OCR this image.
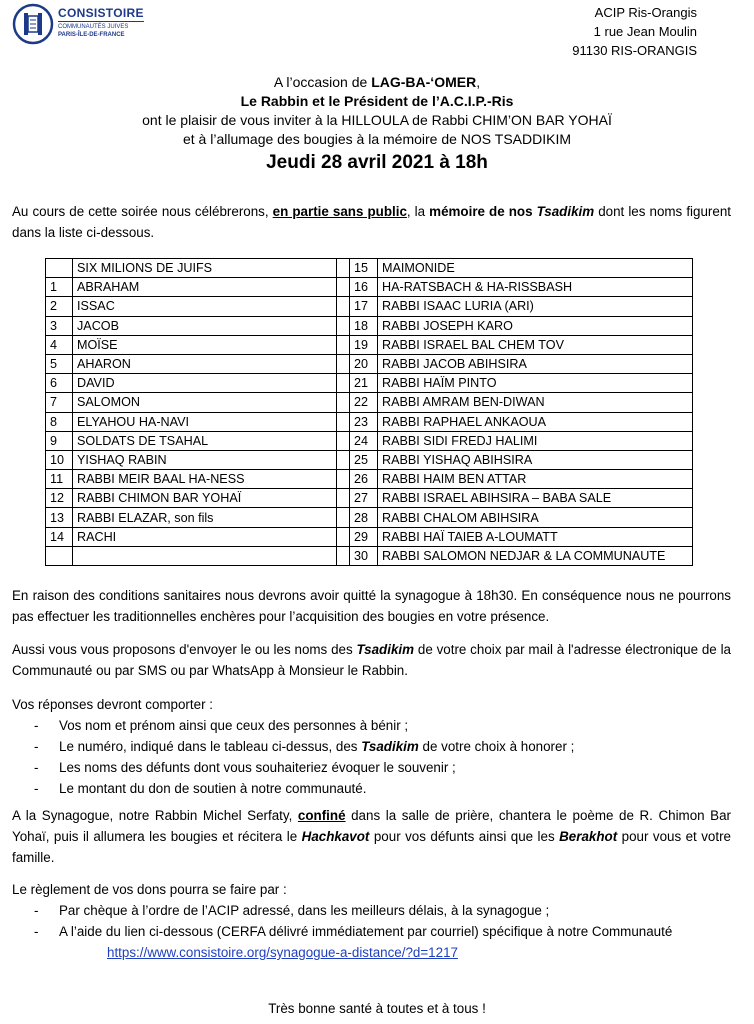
CONSISTOIRE
COMMUNAUTÉS JUIVES
PARIS-ÎLE-DE-FRANCE
ACIP Ris-Orangis
1 rue Jean Moulin
91130 RIS-ORANGIS
A l’occasion de LAG-BA-‘OMER,
Le Rabbin et le Président de l’A.C.I.P.-Ris
ont le plaisir de vous inviter à la HILLOULA de Rabbi CHIM’ON BAR YOHAÏ
et à l’allumage des bougies à la mémoire de NOS TSADDIKIM
Jeudi 28 avril 2021 à 18h

Au cours de cette soirée nous célébrerons, en partie sans public, la mémoire de nos Tsadikim dont les noms figurent dans la liste ci-dessous.

	SIX MILIONS DE JUIFS		15	MAIMONIDE
1	ABRAHAM		16	HA-RATSBACH & HA-RISSBASH
2	ISSAC		17	RABBI ISAAC LURIA (ARI)
3	JACOB		18	RABBI JOSEPH KARO
4	MOÏSE		19	RABBI ISRAEL BAL CHEM TOV
5	AHARON		20	RABBI JACOB ABIHSIRA
6	DAVID		21	RABBI HAÏM PINTO
7	SALOMON		22	RABBI AMRAM BEN-DIWAN
8	ELYAHOU HA-NAVI		23	RABBI RAPHAEL ANKAOUA
9	SOLDATS DE TSAHAL		24	RABBI SIDI FREDJ HALIMI
10	YISHAQ RABIN		25	RABBI YISHAQ ABIHSIRA
11	RABBI MEIR BAAL HA-NESS		26	RABBI HAIM BEN ATTAR
12	RABBI CHIMON BAR YOHAÏ		27	RABBI ISRAEL ABIHSIRA – BABA SALE
13	RABBI ELAZAR, son fils		28	RABBI CHALOM ABIHSIRA
14	RACHI		29	RABBI HAÏ TAIEB A-LOUMATT
			30	RABBI SALOMON NEDJAR & LA COMMUNAUTE

En raison des conditions sanitaires nous devrons avoir quitté la synagogue à 18h30. En conséquence nous ne pourrons pas effectuer les traditionnelles enchères pour l’acquisition des bougies en votre présence.

Aussi vous vous proposons d'envoyer le ou les noms des Tsadikim de votre choix par mail à l'adresse électronique de la Communauté ou par SMS ou par WhatsApp à Monsieur le Rabbin.

Vos réponses devront comporter :
- Vos nom et prénom ainsi que ceux des personnes à bénir ;
- Le numéro, indiqué dans le tableau ci-dessus, des Tsadikim de votre choix à honorer ;
- Les noms des défunts dont vous souhaiteriez évoquer le souvenir ;
- Le montant du don de soutien à notre communauté.

A la Synagogue, notre Rabbin Michel Serfaty, confiné dans la salle de prière, chantera le poème de R. Chimon Bar Yohaï, puis il allumera les bougies et récitera le Hachkavot pour vos défunts ainsi que les Berakhot pour vous et votre famille.

Le règlement de vos dons pourra se faire par :
- Par chèque à l’ordre de l’ACIP adressé, dans les meilleurs délais, à la synagogue ;
- A l’aide du lien ci-dessous (CERFA délivré immédiatement par courriel) spécifique à notre Communauté
https://www.consistoire.org/synagogue-a-distance/?d=1217
Très bonne santé à toutes et à tous !
